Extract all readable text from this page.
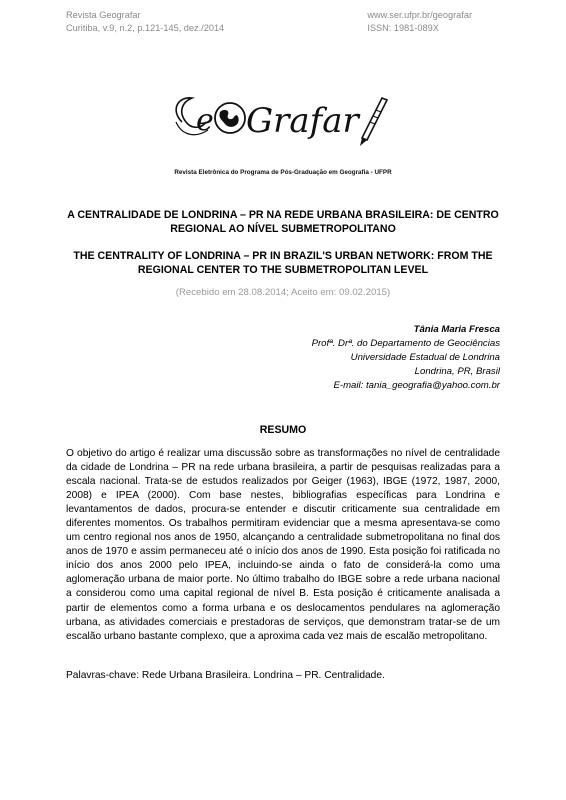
Revista Geografar
Curitiba, v.9, n.2, p.121-145, dez./2014
www.ser.ufpr.br/geografar
ISSN: 1981-089X
e Grafar
Revista Eletrônica do Programa de Pós-Graduação em Geografia - UFPR
A CENTRALIDADE DE LONDRINA – PR NA REDE URBANA BRASILEIRA: DE CENTRO REGIONAL AO NÍVEL SUBMETROPOLITANO
THE CENTRALITY OF LONDRINA – PR IN BRAZIL'S URBAN NETWORK: FROM THE REGIONAL CENTER TO THE SUBMETROPOLITAN LEVEL
(Recebido em 28.08.2014; Aceito em: 09.02.2015)
Tânia Maria Fresca
Profª. Drª. do Departamento de Geociências
Universidade Estadual de Londrina
Londrina, PR, Brasil
E-mail: tania_geografia@yahoo.com.br
RESUMO

O objetivo do artigo é realizar uma discussão sobre as transformações no nível de centralidade da cidade de Londrina – PR na rede urbana brasileira, a partir de pesquisas realizadas para a escala nacional. Trata-se de estudos realizados por Geiger (1963), IBGE (1972, 1987, 2000, 2008) e IPEA (2000). Com base nestes, bibliografias específicas para Londrina e levantamentos de dados, procura-se entender e discutir criticamente sua centralidade em diferentes momentos. Os trabalhos permitiram evidenciar que a mesma apresentava-se como um centro regional nos anos de 1950, alcançando a centralidade submetropolitana no final dos anos de 1970 e assim permaneceu até o início dos anos de 1990. Esta posição foi ratificada no início dos anos 2000 pelo IPEA, incluindo-se ainda o fato de considerá-la como uma aglomeração urbana de maior porte. No último trabalho do IBGE sobre a rede urbana nacional a considerou como uma capital regional de nível B. Esta posição é criticamente analisada a partir de elementos como a forma urbana e os deslocamentos pendulares na aglomeração urbana, as atividades comerciais e prestadoras de serviços, que demonstram tratar-se de um escalão urbano bastante complexo, que a aproxima cada vez mais de escalão metropolitano.

Palavras-chave: Rede Urbana Brasileira. Londrina – PR. Centralidade.
